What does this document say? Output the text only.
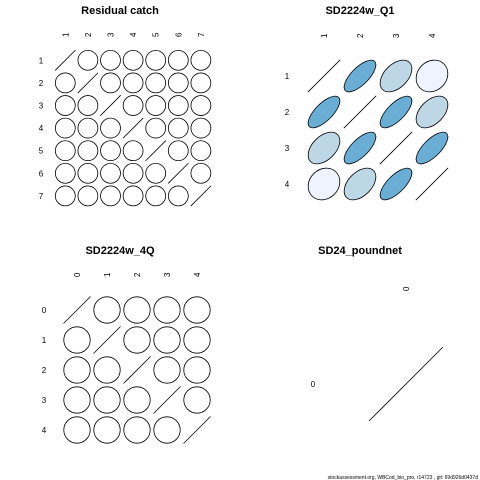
Residual catch
1 2 3 4 5 6 7
1
2
3
4
5
6
7
SD2224w_Q1
1	2	3	4
1
2
3
4
SD2224w_4Q
0	1	2	3	4
0
1
2
3
4
SD24_poundnet
0
0
stockassessment.org, WBCod_bio_pro, r14723 , git: 69d926d0437d
